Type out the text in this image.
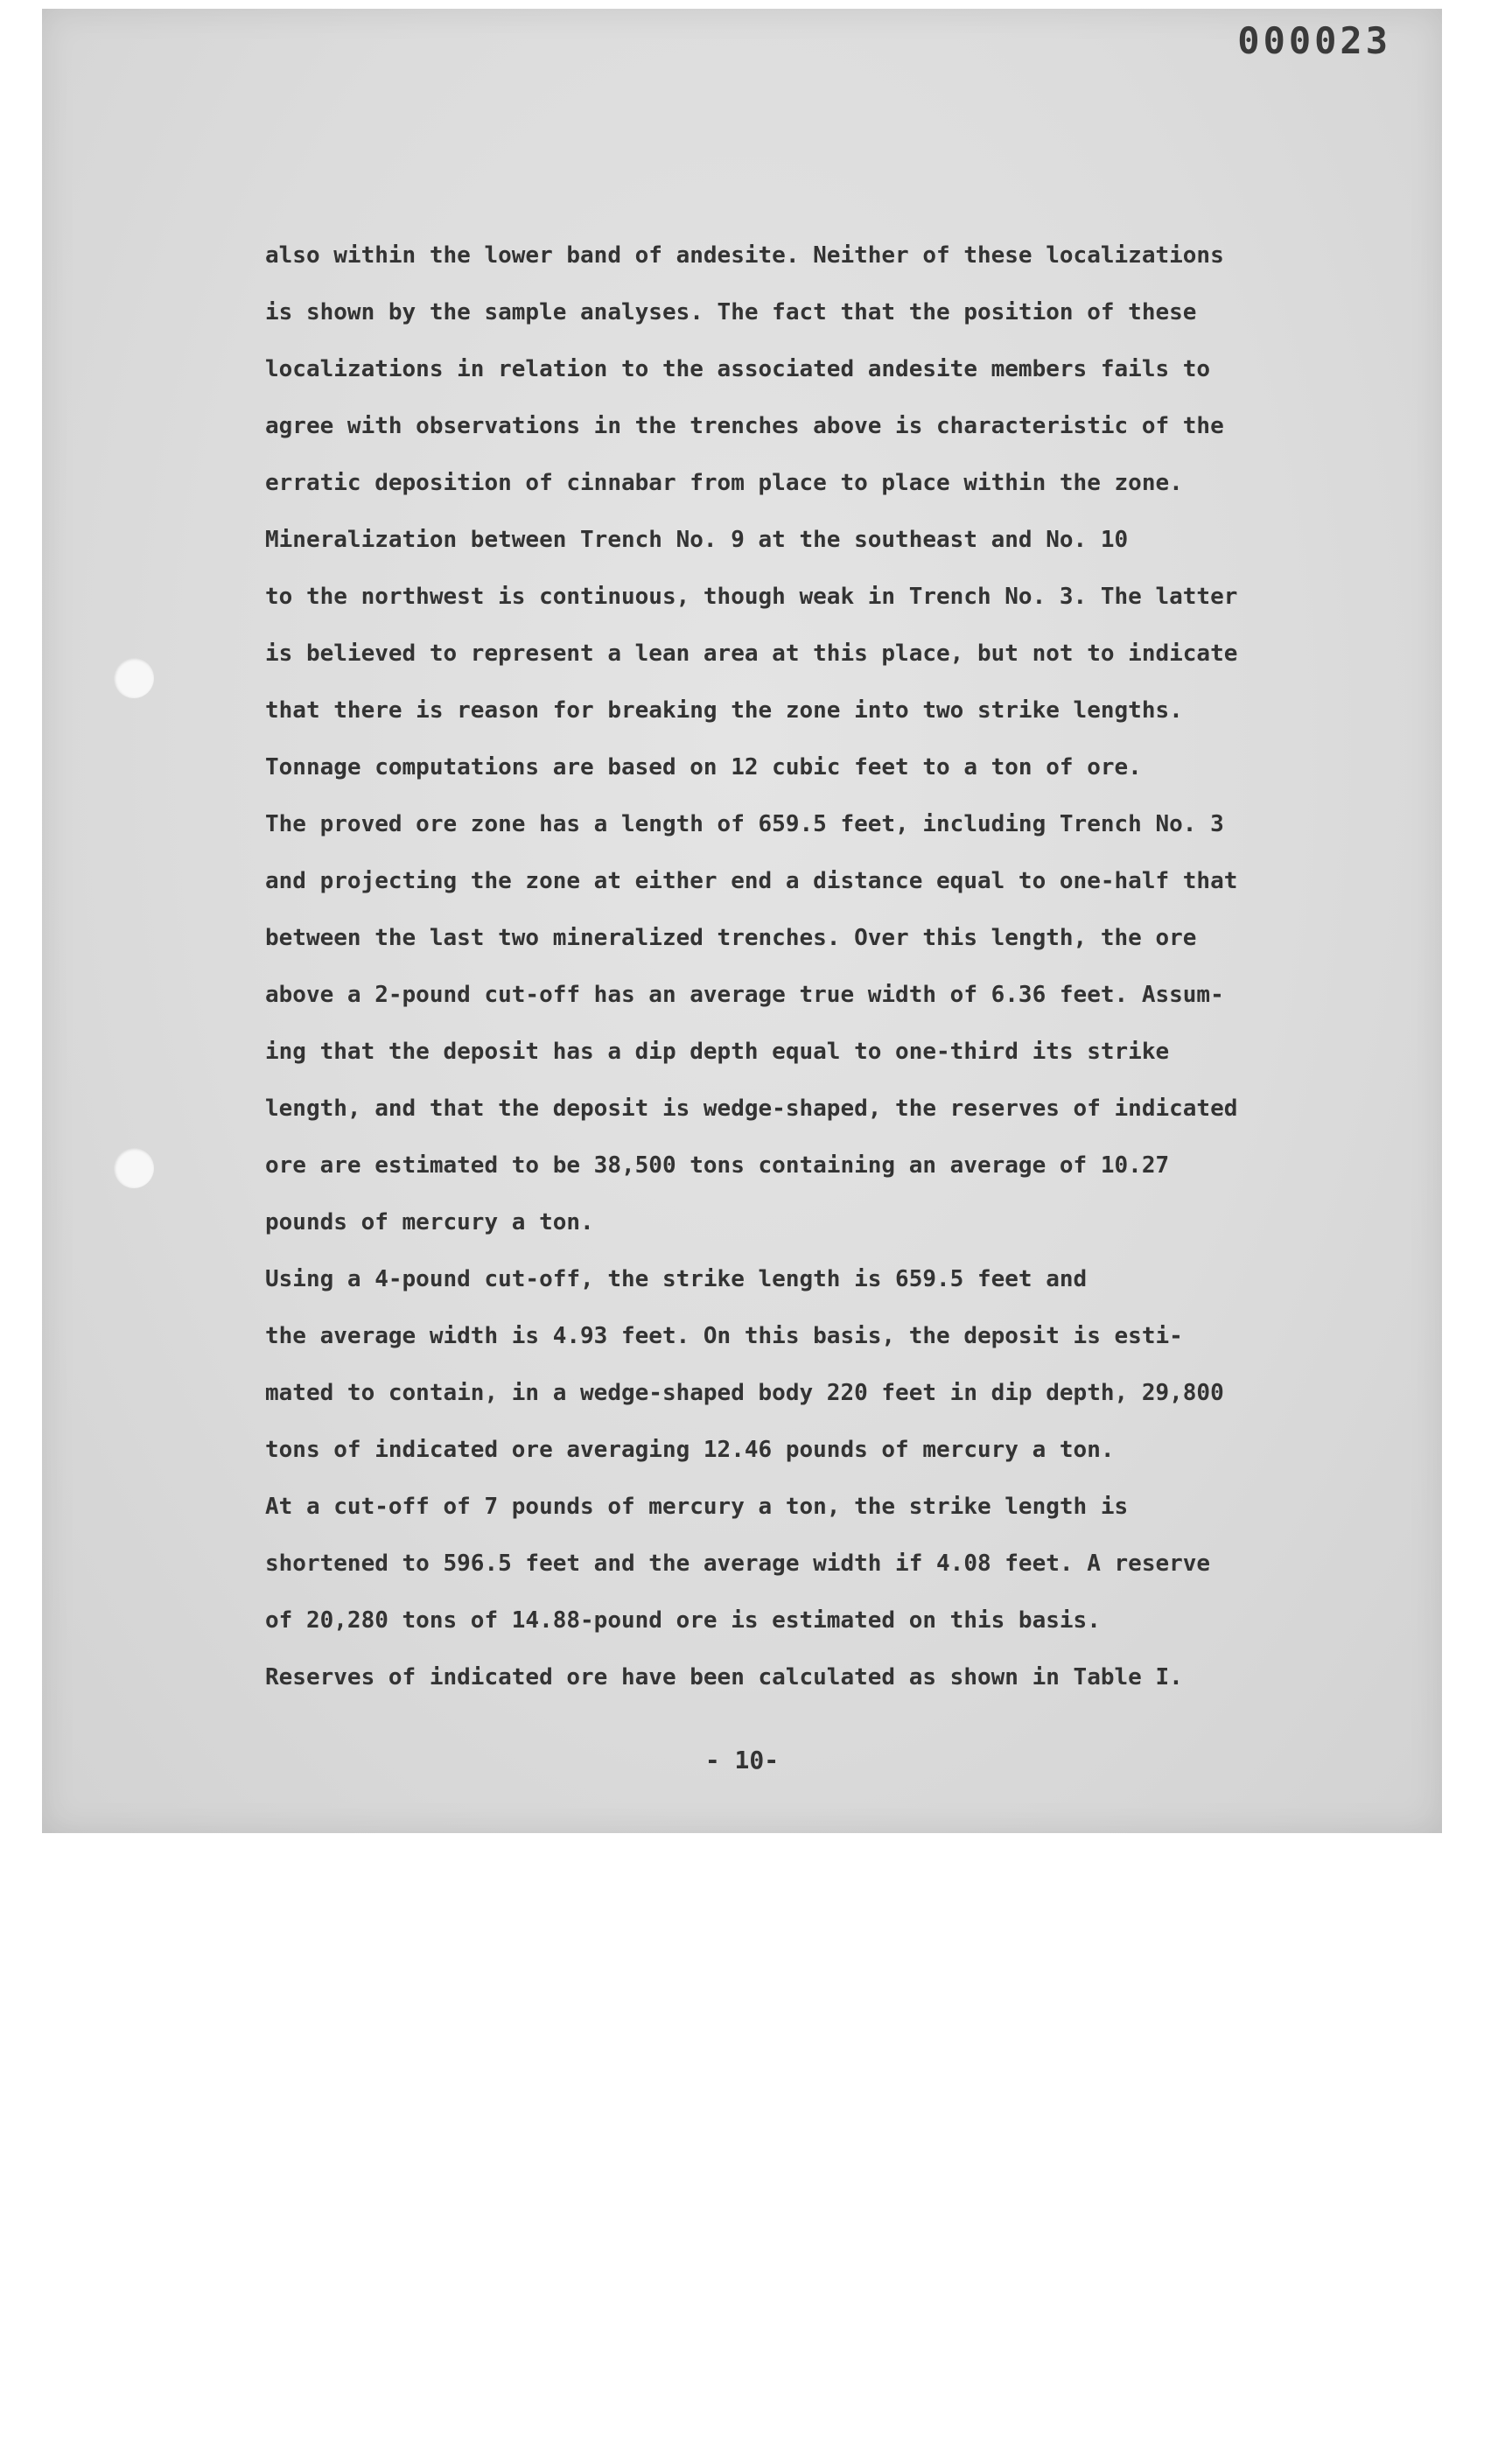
000023

also within the lower band of andesite. Neither of these localizations
is shown by the sample analyses. The fact that the position of these
localizations in relation to the associated andesite members fails to
agree with observations in the trenches above is characteristic of the
erratic deposition of cinnabar from place to place within the zone.

Mineralization between Trench No. 9 at the southeast and No. 10
to the northwest is continuous, though weak in Trench No. 3. The latter
is believed to represent a lean area at this place, but not to indicate
that there is reason for breaking the zone into two strike lengths.

Tonnage computations are based on 12 cubic feet to a ton of ore.
The proved ore zone has a length of 659.5 feet, including Trench No. 3
and projecting the zone at either end a distance equal to one-half that
between the last two mineralized trenches. Over this length, the ore
above a 2-pound cut-off has an average true width of 6.36 feet. Assum-
ing that the deposit has a dip depth equal to one-third its strike
length, and that the deposit is wedge-shaped, the reserves of indicated
ore are estimated to be 38,500 tons containing an average of 10.27
pounds of mercury a ton.

Using a 4-pound cut-off, the strike length is 659.5 feet and
the average width is 4.93 feet. On this basis, the deposit is esti-
mated to contain, in a wedge-shaped body 220 feet in dip depth, 29,800
tons of indicated ore averaging 12.46 pounds of mercury a ton.

At a cut-off of 7 pounds of mercury a ton, the strike length is
shortened to 596.5 feet and the average width if 4.08 feet. A reserve
of 20,280 tons of 14.88-pound ore is estimated on this basis.

Reserves of indicated ore have been calculated as shown in Table I.

- 10-
